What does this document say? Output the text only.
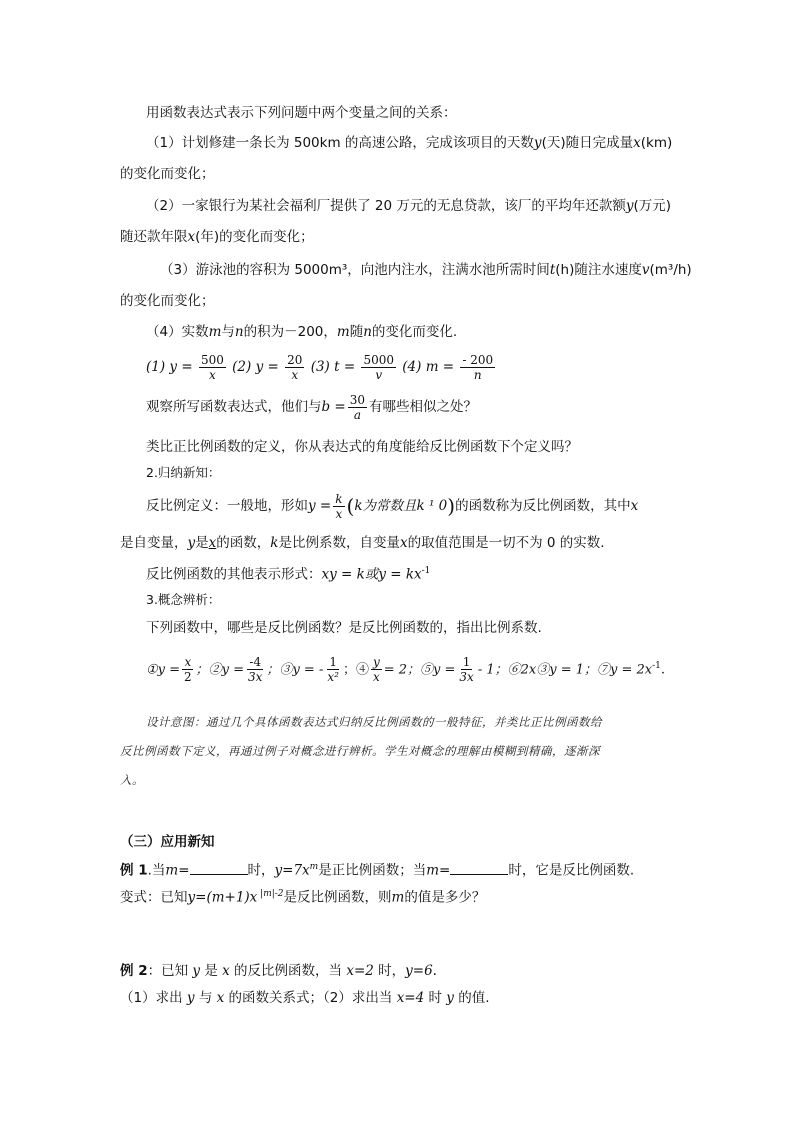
用函数表达式表示下列问题中两个变量之间的关系：
（1）计划修建一条长为 500km 的高速公路，完成该项目的天数y(天)随日完成量x(km)
的变化而变化；
（2）一家银行为某社会福利厂提供了 20 万元的无息贷款，该厂的平均年还款额y(万元)
随还款年限x(年)的变化而变化；
（3）游泳池的容积为 5000m³，向池内注水，注满水池所需时间t(h)随注水速度v(m³/h)
的变化而变化；
（4）实数m与n的积为－200，m随n的变化而变化.
(1) $y = \frac{500}{x} (2) y = \frac{20}{x} (3) t = \frac{5000}{v} (4) m = \frac{- 200}{n}$
观察所写函数表达式，他们与$b = \frac{30}{a}$ 有哪些相似之处？
类比正比例函数的定义，你从表达式的角度能给反比例函数下个定义吗？
2.归纳新知：
反比例定义：一般地，形如$y = \frac{k}{x} (k$为常数且k ¹ 0)的函数称为反比例函数，其中x
是自变量，y是x的函数，k是比例系数，自变量x的取值范围是一切不为 0 的实数.
反比例函数的其他表示形式：xy = k或$y = kx^{-1}$
3.概念辨析：
下列函数中，哪些是反比例函数？是反比例函数的，指出比例系数.
①y = $\frac{x}{2}$ ；②y = $\frac{-4}{3x}$ ；③y = - $\frac{1}{\text{x²}}$ ；④ $\frac{y}{x} = 2$；⑤y = $\frac{1}{3x} - 1$；⑥2x③y = 1；⑦y = $2x^{-1}$.
设计意图：通过几个具体函数表达式归纳反比例函数的一般特征，并类比正比例函数给
反比例函数下定义，再通过例子对概念进行辨析。学生对概念的理解由模糊到精确，逐渐深
入。
（三）应用新知
例 1.当m=	时，$y=7x^m$是正比例函数；当m=	时，它是反比例函数.
变式：已知y=(m+1)x $^{|m|-2}$是反比例函数，则m的值是多少？
例 2：已知 y 是 x 的反比例函数，当 x=2 时，y=6.
（1）求出 y 与 x 的函数关系式；（2）求出当 x=4 时 y 的值.
